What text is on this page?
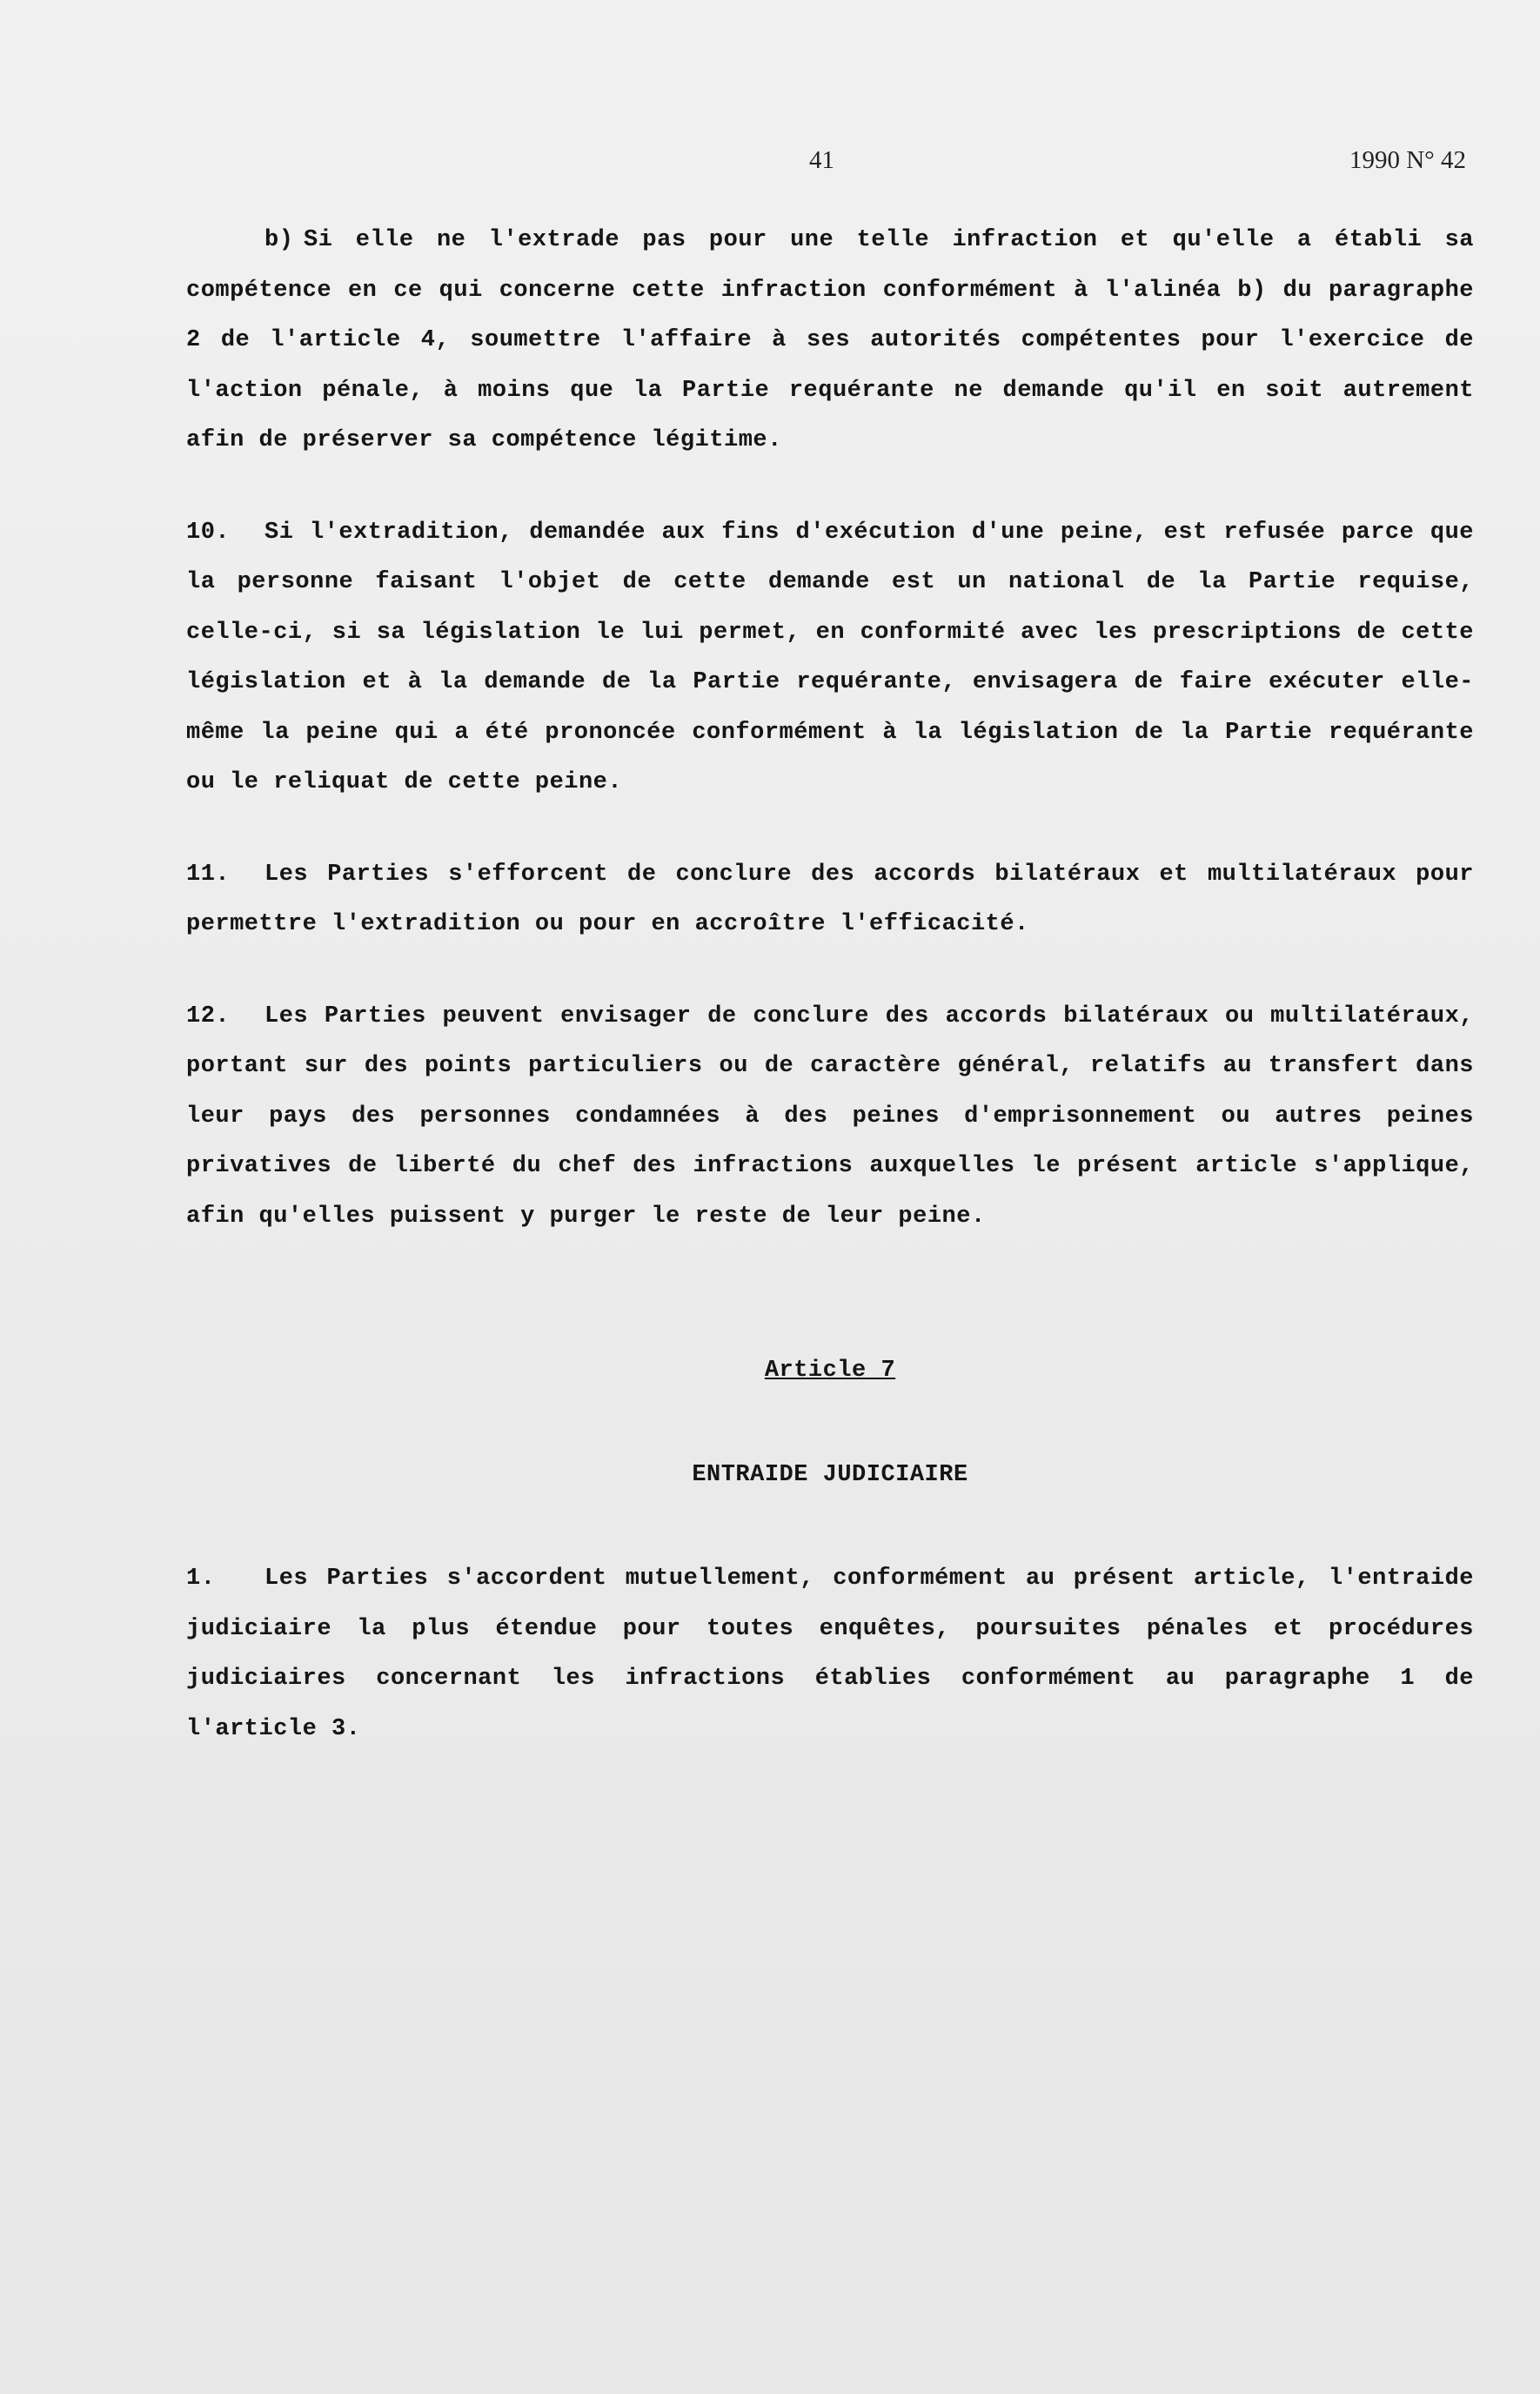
41	1990 N° 42

b) Si elle ne l'extrade pas pour une telle infraction et qu'elle a établi sa compétence en ce qui concerne cette infraction conformément à l'alinéa b) du paragraphe 2 de l'article 4, soumettre l'affaire à ses autorités compétentes pour l'exercice de l'action pénale, à moins que la Partie requérante ne demande qu'il en soit autrement afin de préserver sa compétence légitime.

10. Si l'extradition, demandée aux fins d'exécution d'une peine, est refusée parce que la personne faisant l'objet de cette demande est un national de la Partie requise, celle-ci, si sa législation le lui permet, en conformité avec les prescriptions de cette législation et à la demande de la Partie requérante, envisagera de faire exécuter elle-même la peine qui a été prononcée conformément à la législation de la Partie requérante ou le reliquat de cette peine.

11. Les Parties s'efforcent de conclure des accords bilatéraux et multilatéraux pour permettre l'extradition ou pour en accroître l'efficacité.

12. Les Parties peuvent envisager de conclure des accords bilatéraux ou multilatéraux, portant sur des points particuliers ou de caractère général, relatifs au transfert dans leur pays des personnes condamnées à des peines d'emprisonnement ou autres peines privatives de liberté du chef des infractions auxquelles le présent article s'applique, afin qu'elles puissent y purger le reste de leur peine.

Article 7
ENTRAIDE JUDICIAIRE

1. Les Parties s'accordent mutuellement, conformément au présent article, l'entraide judiciaire la plus étendue pour toutes enquêtes, poursuites pénales et procédures judiciaires concernant les infractions établies conformément au paragraphe 1 de l'article 3.
